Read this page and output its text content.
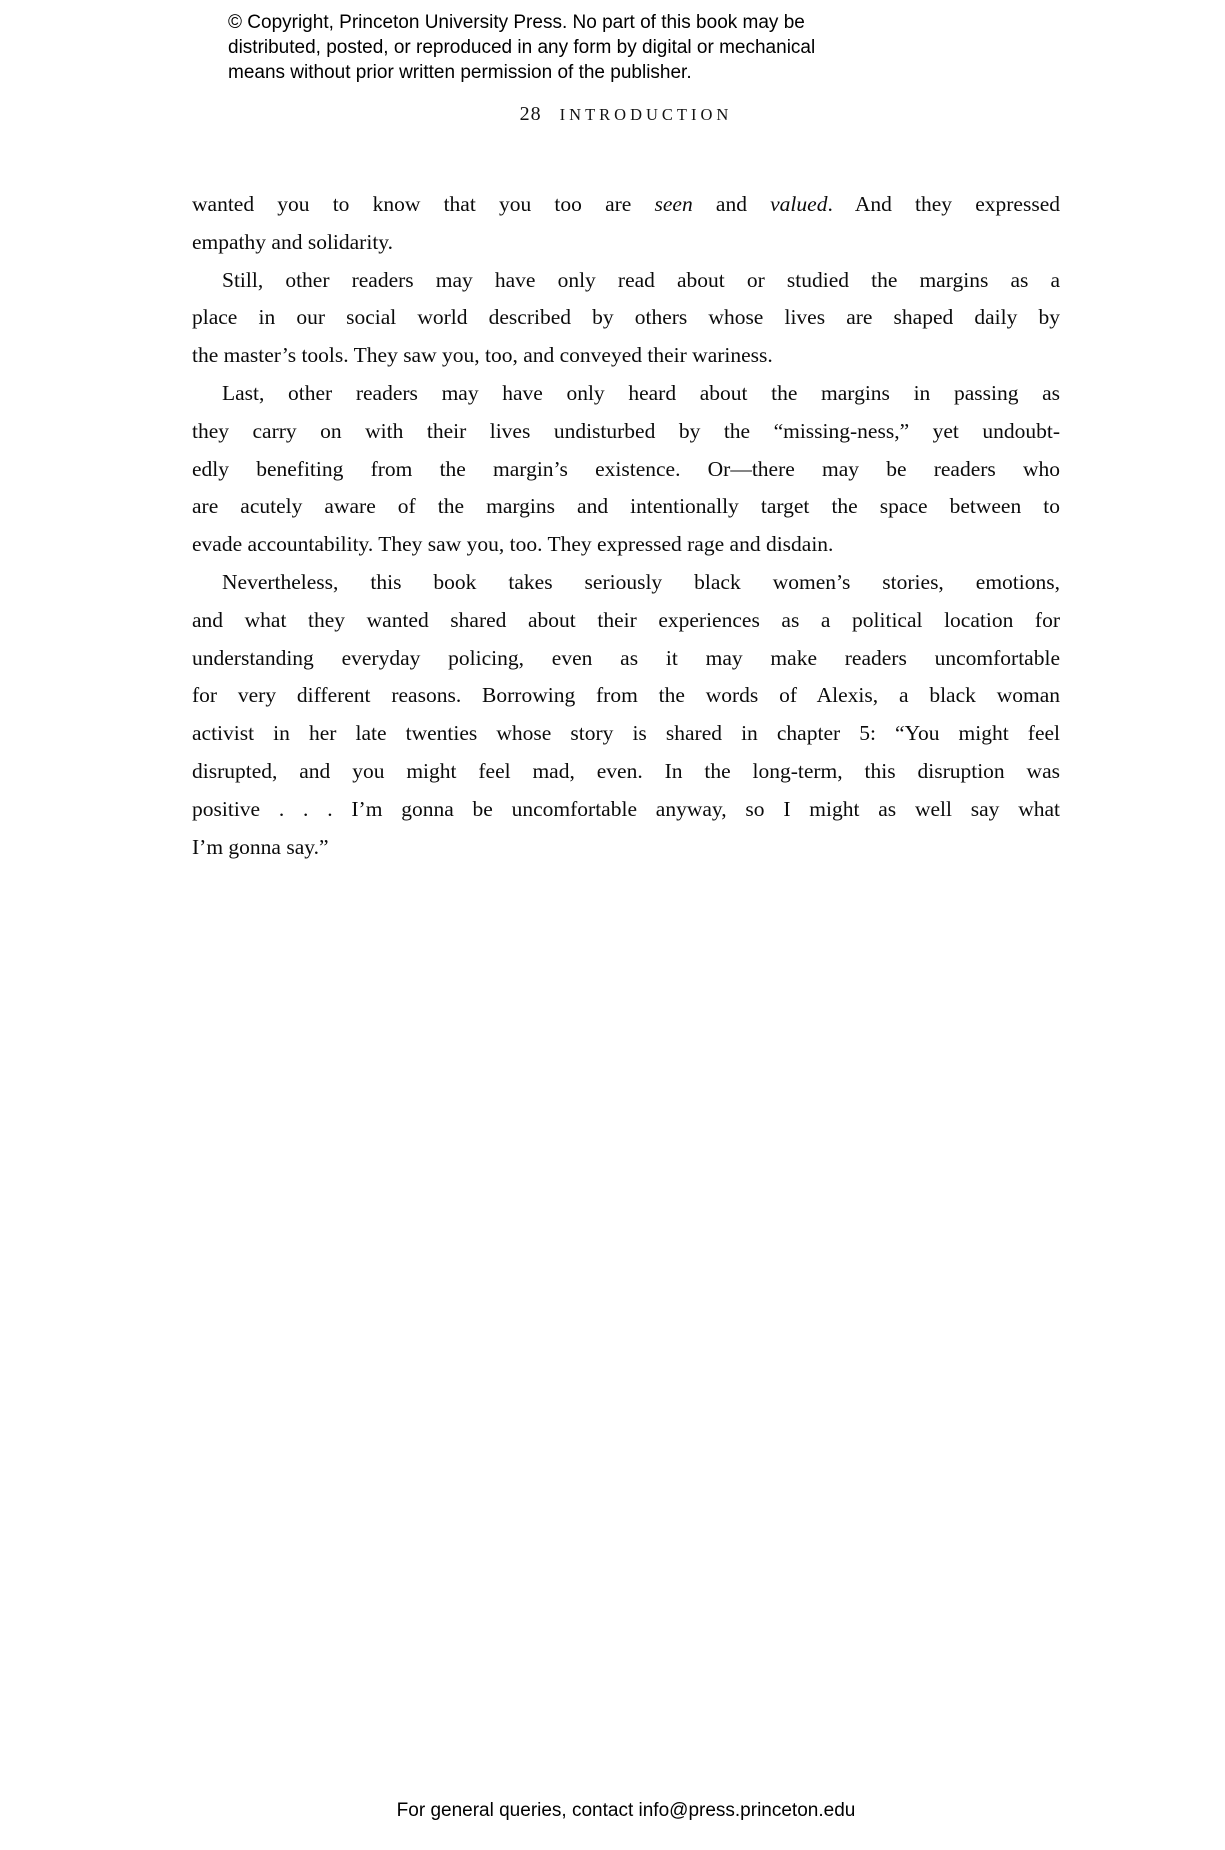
© Copyright, Princeton University Press. No part of this book may be
distributed, posted, or reproduced in any form by digital or mechanical
means without prior written permission of the publisher.
28 INTRODUCTION
wanted you to know that you too are seen and valued. And they expressed
empathy and solidarity.
Still, other readers may have only read about or studied the margins as a
place in our social world described by others whose lives are shaped daily by
the master’s tools. They saw you, too, and conveyed their wariness.
Last, other readers may have only heard about the margins in passing as
they carry on with their lives undisturbed by the “missing-ness,” yet undoubt-
edly benefiting from the margin’s existence. Or—there may be readers who
are acutely aware of the margins and intentionally target the space between to
evade accountability. They saw you, too. They expressed rage and disdain.
Nevertheless, this book takes seriously black women’s stories, emotions,
and what they wanted shared about their experiences as a political location for
understanding everyday policing, even as it may make readers uncomfortable
for very different reasons. Borrowing from the words of Alexis, a black woman
activist in her late twenties whose story is shared in chapter 5: “You might feel
disrupted, and you might feel mad, even. In the long-term, this disruption was
positive . . . I’m gonna be uncomfortable anyway, so I might as well say what
I’m gonna say.”
For general queries, contact info@press.princeton.edu
